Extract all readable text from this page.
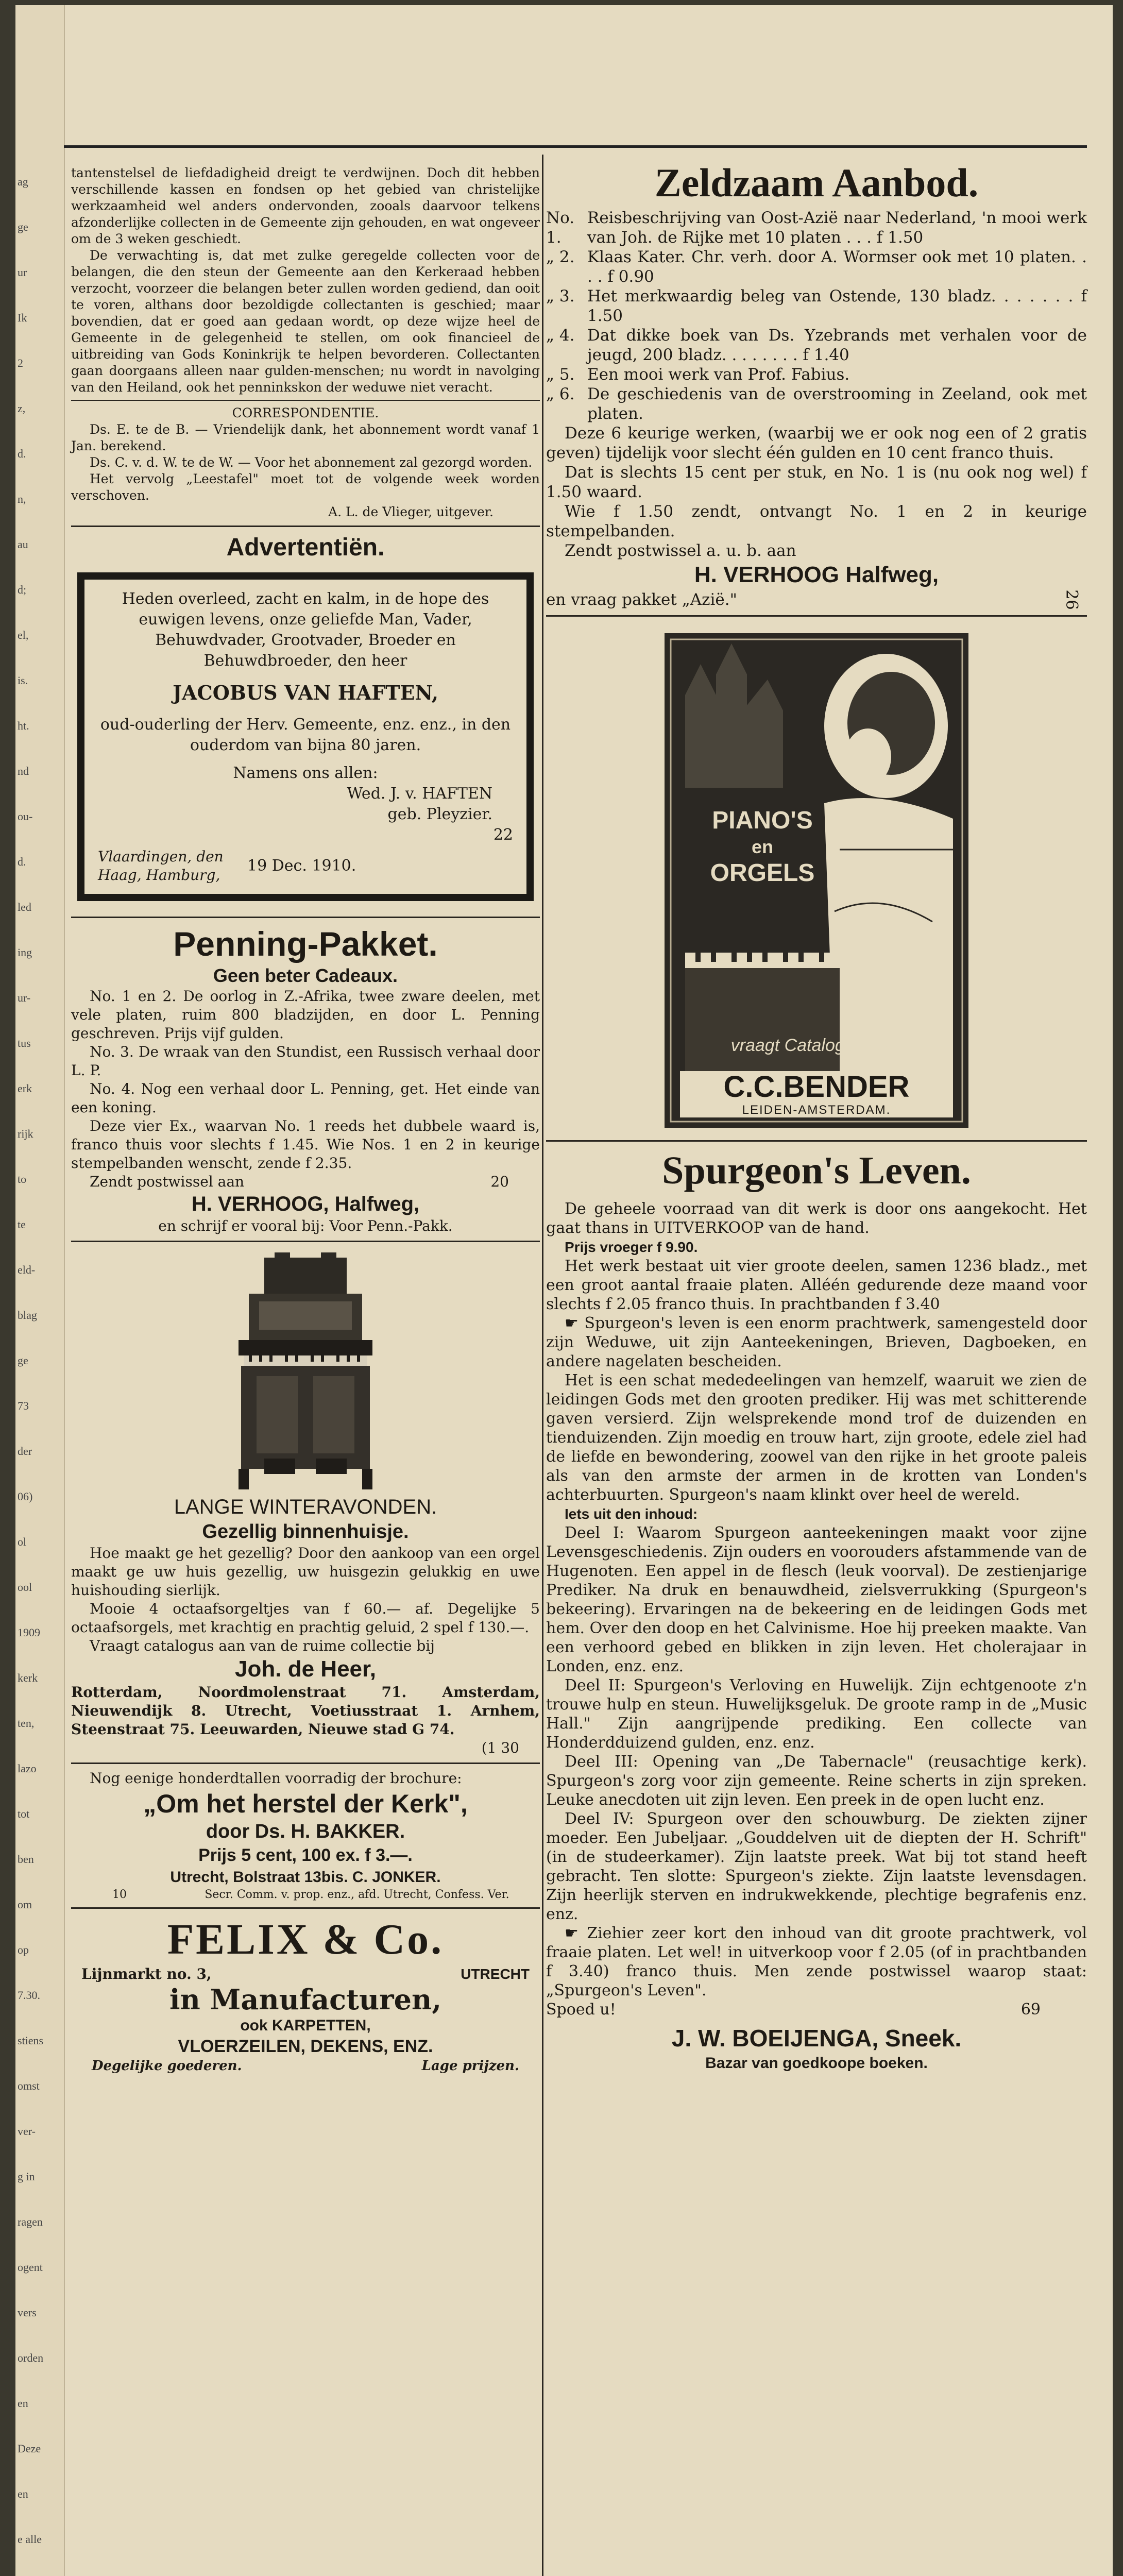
ag
ge
ur
Ik
2
z,
d.
n,
au
d;
el,
is.
ht.
nd
ou-
d.
led
ing
ur-
tus
erk
rijk
to
te
eld-
blag
ge
73
der
06)
ol
ool
1909
kerk
ten,
lazo
tot
ben
om
op
7.30.
stiens
omst
ver-
g in
ragen
ogent
vers
orden
en
Deze
en
e alle

tantenstelsel de liefdadigheid dreigt te verdwijnen. Doch dit hebben verschillende kassen en fondsen op het gebied van christelijke werkzaamheid wel anders ondervonden, zooals daarvoor telkens afzonderlijke collecten in de Gemeente zijn gehouden, en wat ongeveer om de 3 weken geschiedt.

De verwachting is, dat met zulke geregelde collecten voor de belangen, die den steun der Gemeente aan den Kerkeraad hebben verzocht, voorzeer die belangen beter zullen worden gediend, dan ooit te voren, althans door bezoldigde collectanten is geschied; maar bovendien, dat er goed aan gedaan wordt, op deze wijze heel de Gemeente in de gelegenheid te stellen, om ook financieel de uitbreiding van Gods Koninkrijk te helpen bevorderen. Collectanten gaan doorgaans alleen naar gulden-menschen; nu wordt in navolging van den Heiland, ook het penninkskon der weduwe niet veracht.

CORRESPONDENTIE.

Ds. E. te de B. — Vriendelijk dank, het abonnement wordt vanaf 1 Jan. berekend.

Ds. C. v. d. W. te de W. — Voor het abonnement zal gezorgd worden.

Het vervolg „Leestafel" moet tot de volgende week worden verschoven.

A. L. de Vlieger, uitgever.

Advertentiën.

Heden overleed, zacht en kalm, in de hope des euwigen levens, onze geliefde Man, Vader, Behuwdvader, Grootvader, Broeder en Behuwdbroeder, den heer

JACOBUS VAN HAFTEN,

oud-ouderling der Herv. Gemeente, enz. enz., in den ouderdom van bijna 80 jaren.

Namens ons allen:

Wed. J. v. HAFTEN

geb. Pleyzier.

22

Vlaardingen, den Haag, Hamburg,
19 Dec. 1910.
Penning-Pakket.
Geen beter Cadeaux.

No. 1 en 2. De oorlog in Z.-Afrika, twee zware deelen, met vele platen, ruim 800 bladzijden, en door L. Penning geschreven. Prijs vijf gulden.

No. 3. De wraak van den Stundist, een Russisch verhaal door L. P.

No. 4. Nog een verhaal door L. Penning, get. Het einde van een koning.

Deze vier Ex., waarvan No. 1 reeds het dubbele waard is, franco thuis voor slechts f 1.45. Wie Nos. 1 en 2 in keurige stempelbanden wenscht, zende f 2.35.

Zendt postwissel aan	20
H. VERHOOG, Halfweg,

en schrijf er vooral bij: Voor Penn.-Pakk.

LANGE WINTERAVONDEN.
Gezellig binnenhuisje.

Hoe maakt ge het gezellig? Door den aankoop van een orgel maakt ge uw huis gezellig, uw huisgezin gelukkig en uwe huishouding sierlijk.

Mooie 4 octaafsorgeltjes van f 60.— af. Degelijke 5 octaafsorgels, met krachtig en prachtig geluid, 2 spel f 130.—.

Vraagt catalogus aan van de ruime collectie bij

Joh. de Heer,

Rotterdam, Noordmolenstraat 71. Amsterdam, Nieuwendijk 8. Utrecht, Voetiusstraat 1. Arnhem, Steenstraat 75. Leeuwarden, Nieuwe stad G 74.

(1 30

Nog eenige honderdtallen voorradig der brochure:

„Om het herstel der Kerk",
door Ds. H. BAKKER.

Prijs 5 cent, 100 ex. f 3.—.

Utrecht, Bolstraat 13bis. C. JONKER.

10	Secr. Comm. v. prop. enz., afd. Utrecht, Confess. Ver.
FELIX & Co.
Lijnmarkt no. 3,	UTRECHT
in Manufacturen,
ook KARPETTEN,
VLOERZEILEN, DEKENS, ENZ.
Degelijke goederen.	Lage prijzen.
Zeldzaam Aanbod.
No. 1.
Reisbeschrijving van Oost-Azië naar Nederland, 'n mooi werk van Joh. de Rijke met 10 platen . . . f 1.50
„ 2. Klaas Kater. Chr. verh. door A. Wormser ook met 10 platen. . . . f 0.90
„ 3. Het merkwaardig beleg van Ostende, 130 bladz. . . . . . . f 1.50
„ 4. Dat dikke boek van Ds. Yzebrands met verhalen voor de jeugd, 200 bladz. . . . . . . . f 1.40
„ 5. Een mooi werk van Prof. Fabius.
„ 6. De geschiedenis van de overstrooming in Zeeland, ook met platen.

Deze 6 keurige werken, (waarbij we er ook nog een of 2 gratis geven) tijdelijk voor slecht één gulden en 10 cent franco thuis.

Dat is slechts 15 cent per stuk, en No. 1 is (nu ook nog wel) f 1.50 waard.

Wie f 1.50 zendt, ontvangt No. 1 en 2 in keurige stempelbanden.

Zendt postwissel a. u. b. aan

H. VERHOOG Halfweg,
en vraag pakket „Azië."	26
PIANO'S
en
ORGELS
vraagt Catalogus aan:
C.C.BENDER
LEIDEN-AMSTERDAM.
Spurgeon's Leven.

De geheele voorraad van dit werk is door ons aangekocht. Het gaat thans in UITVERKOOP van de hand.

Prijs vroeger f 9.90.

Het werk bestaat uit vier groote deelen, samen 1236 bladz., met een groot aantal fraaie platen. Alléén gedurende deze maand voor slechts f 2.05 franco thuis. In prachtbanden f 3.40

☛ Spurgeon's leven is een enorm prachtwerk, samengesteld door zijn Weduwe, uit zijn Aanteekeningen, Brieven, Dagboeken, en andere nagelaten bescheiden.

Het is een schat mededeelingen van hemzelf, waaruit we zien de leidingen Gods met den grooten prediker. Hij was met schitterende gaven versierd. Zijn welsprekende mond trof de duizenden en tienduizenden. Zijn moedig en trouw hart, zijn groote, edele ziel had de liefde en bewondering, zoowel van den rijke in het groote paleis als van den armste der armen in de krotten van Londen's achterbuurten. Spurgeon's naam klinkt over heel de wereld.

Iets uit den inhoud:

Deel I: Waarom Spurgeon aanteekeningen maakt voor zijne Levensgeschiedenis. Zijn ouders en voorouders afstammende van de Hugenoten. Een appel in de flesch (leuk voorval). De zestienjarige Prediker. Na druk en benauwdheid, zielsverrukking (Spurgeon's bekeering). Ervaringen na de bekeering en de leidingen Gods met hem. Over den doop en het Calvinisme. Hoe hij preeken maakte. Van een verhoord gebed en blikken in zijn leven. Het cholerajaar in Londen, enz. enz.

Deel II: Spurgeon's Verloving en Huwelijk. Zijn echtgenoote z'n trouwe hulp en steun. Huwelijksgeluk. De groote ramp in de „Music Hall." Zijn aangrijpende prediking. Een collecte van Honderdduizend gulden, enz. enz.

Deel III: Opening van „De Tabernacle" (reusachtige kerk). Spurgeon's zorg voor zijn gemeente. Reine scherts in zijn spreken. Leuke anecdoten uit zijn leven. Een preek in de open lucht enz.

Deel IV: Spurgeon over den schouwburg. De ziekten zijner moeder. Een Jubeljaar. „Gouddelven uit de diepten der H. Schrift" (in de studeerkamer). Zijn laatste preek. Wat bij tot stand heeft gebracht. Ten slotte: Spurgeon's ziekte. Zijn laatste levensdagen. Zijn heerlijk sterven en indrukwekkende, plechtige begrafenis enz. enz.

☛ Ziehier zeer kort den inhoud van dit groote prachtwerk, vol fraaie platen. Let wel! in uitverkoop voor f 2.05 (of in prachtbanden f 3.40) franco thuis. Men zende postwissel waarop staat: „Spurgeon's Leven".

Spoed u!	69
J. W. BOEIJENGA, Sneek.
Bazar van goedkoope boeken.
